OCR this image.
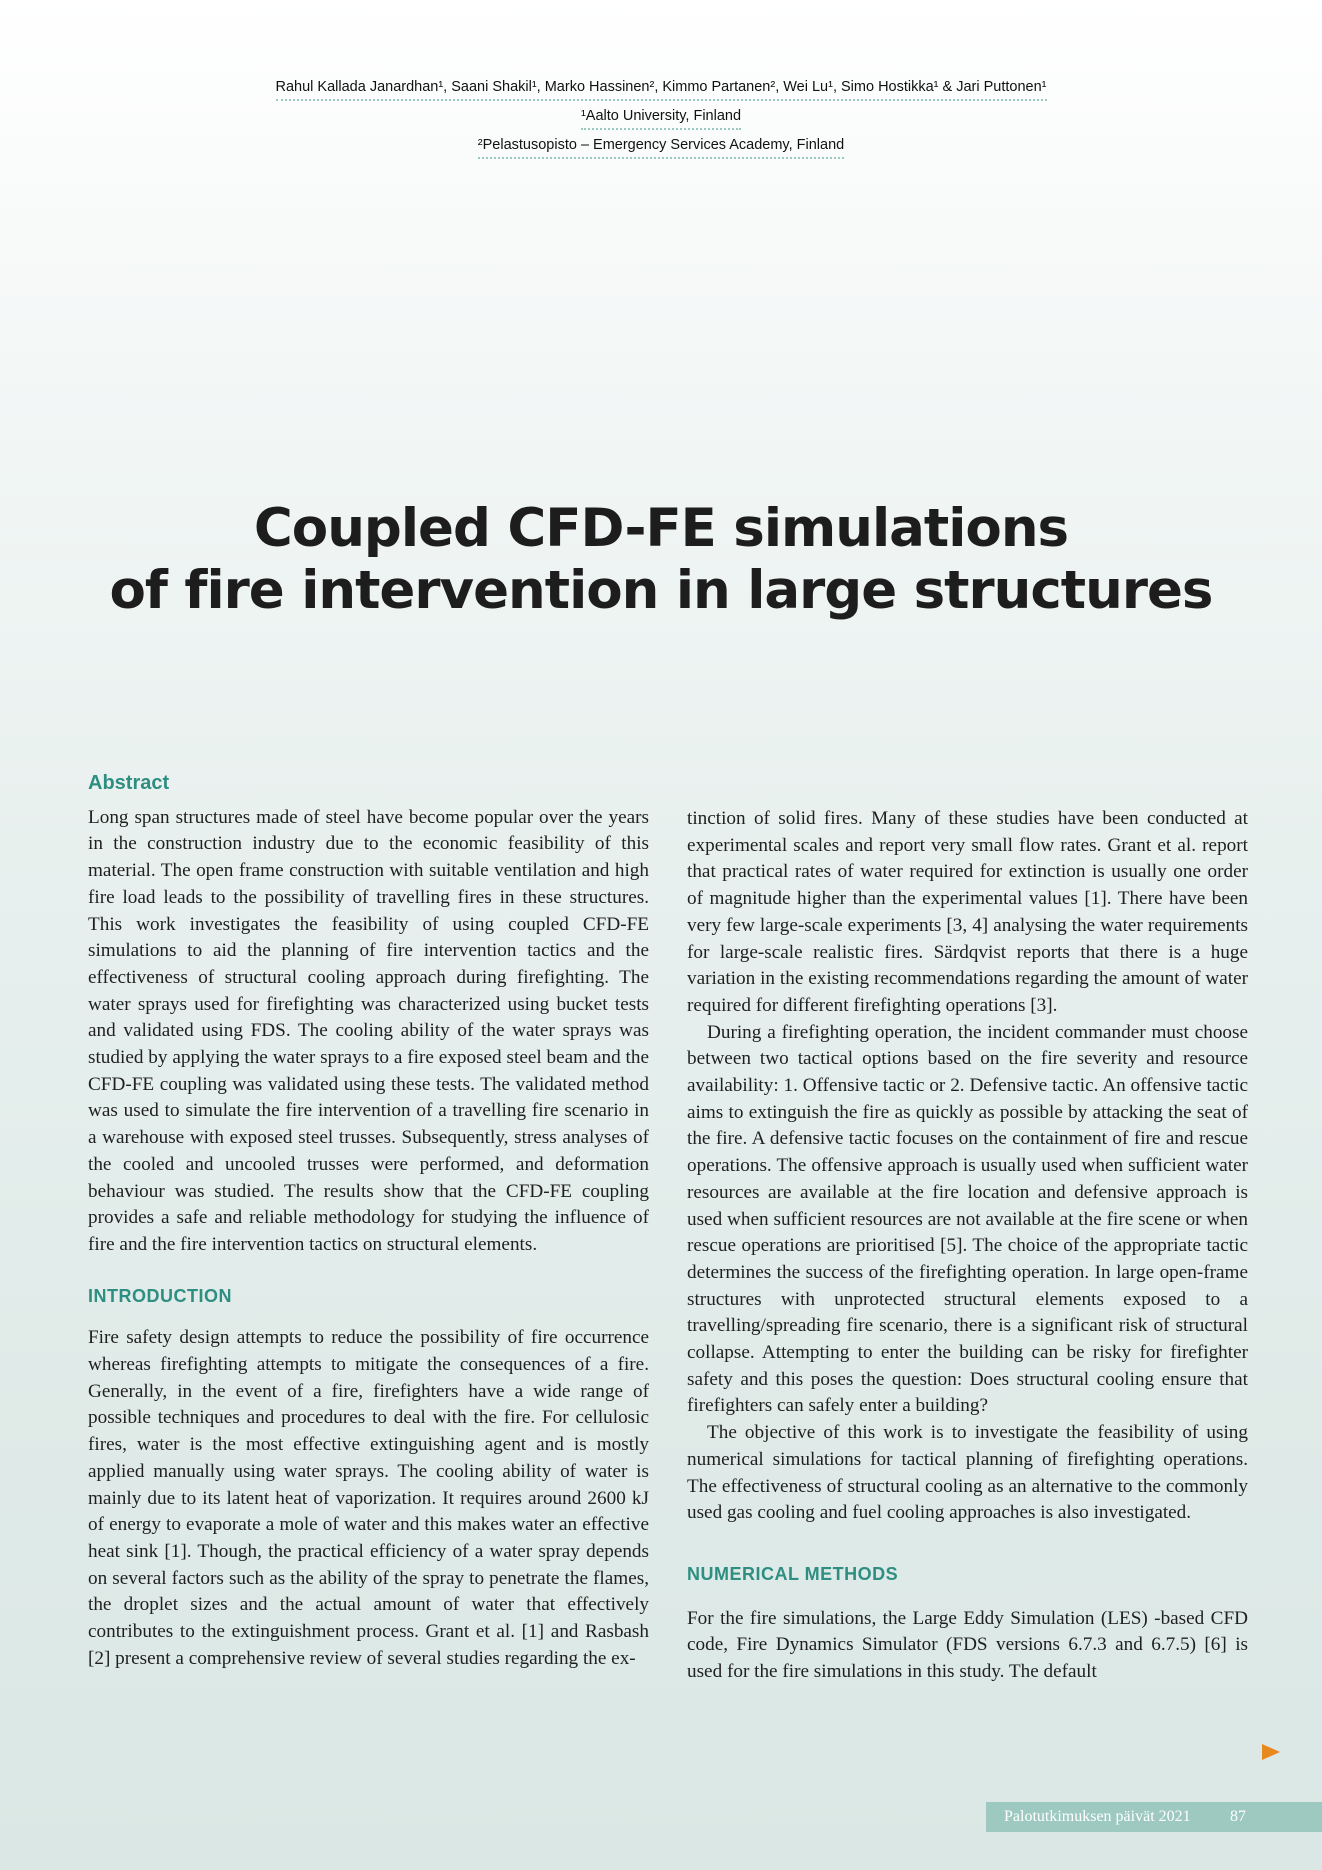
Rahul Kallada Janardhan¹, Saani Shakil¹, Marko Hassinen², Kimmo Partanen², Wei Lu¹, Simo Hostikka¹ & Jari Puttonen¹
¹Aalto University, Finland
²Pelastusopisto – Emergency Services Academy, Finland
Coupled CFD-FE simulations
of fire intervention in large structures
Abstract

Long span structures made of steel have become popular over the years in the construction industry due to the economic feasibility of this material. The open frame construction with suitable ventilation and high fire load leads to the possibility of travelling fires in these structures. This work investigates the feasibility of using coupled CFD-FE simulations to aid the planning of fire intervention tactics and the effectiveness of structural cooling approach during firefighting. The water sprays used for firefighting was characterized using bucket tests and validated using FDS. The cooling ability of the water sprays was studied by applying the water sprays to a fire exposed steel beam and the CFD-FE coupling was validated using these tests. The validated method was used to simulate the fire intervention of a travelling fire scenario in a warehouse with exposed steel trusses. Subsequently, stress analyses of the cooled and uncooled trusses were performed, and deformation behaviour was studied. The results show that the CFD-FE coupling provides a safe and reliable methodology for studying the influence of fire and the fire intervention tactics on structural elements.

INTRODUCTION

Fire safety design attempts to reduce the possibility of fire occurrence whereas firefighting attempts to mitigate the consequences of a fire. Generally, in the event of a fire, firefighters have a wide range of possible techniques and procedures to deal with the fire. For cellulosic fires, water is the most effective extinguishing agent and is mostly applied manually using water sprays. The cooling ability of water is mainly due to its latent heat of vaporization. It requires around 2600 kJ of energy to evaporate a mole of water and this makes water an effective heat sink [1]. Though, the practical efficiency of a water spray depends on several factors such as the ability of the spray to penetrate the flames, the droplet sizes and the actual amount of water that effectively contributes to the extinguishment process. Grant et al. [1] and Rasbash [2] present a comprehensive review of several studies regarding the ex-

tinction of solid fires. Many of these studies have been conducted at experimental scales and report very small flow rates. Grant et al. report that practical rates of water required for extinction is usually one order of magnitude higher than the experimental values [1]. There have been very few large-scale experiments [3, 4] analysing the water requirements for large-scale realistic fires. Särdqvist reports that there is a huge variation in the existing recommendations regarding the amount of water required for different firefighting operations [3].

During a firefighting operation, the incident commander must choose between two tactical options based on the fire severity and resource availability: 1. Offensive tactic or 2. Defensive tactic. An offensive tactic aims to extinguish the fire as quickly as possible by attacking the seat of the fire. A defensive tactic focuses on the containment of fire and rescue operations. The offensive approach is usually used when sufficient water resources are available at the fire location and defensive approach is used when sufficient resources are not available at the fire scene or when rescue operations are prioritised [5]. The choice of the appropriate tactic determines the success of the firefighting operation. In large open-frame structures with unprotected structural elements exposed to a travelling/spreading fire scenario, there is a significant risk of structural collapse. Attempting to enter the building can be risky for firefighter safety and this poses the question: Does structural cooling ensure that firefighters can safely enter a building?

The objective of this work is to investigate the feasibility of using numerical simulations for tactical planning of firefighting operations. The effectiveness of structural cooling as an alternative to the commonly used gas cooling and fuel cooling approaches is also investigated.

NUMERICAL METHODS

For the fire simulations, the Large Eddy Simulation (LES) -based CFD code, Fire Dynamics Simulator (FDS versions 6.7.3 and 6.7.5) [6] is used for the fire simulations in this study. The default

Palotutkimuksen päivät 2021 87
